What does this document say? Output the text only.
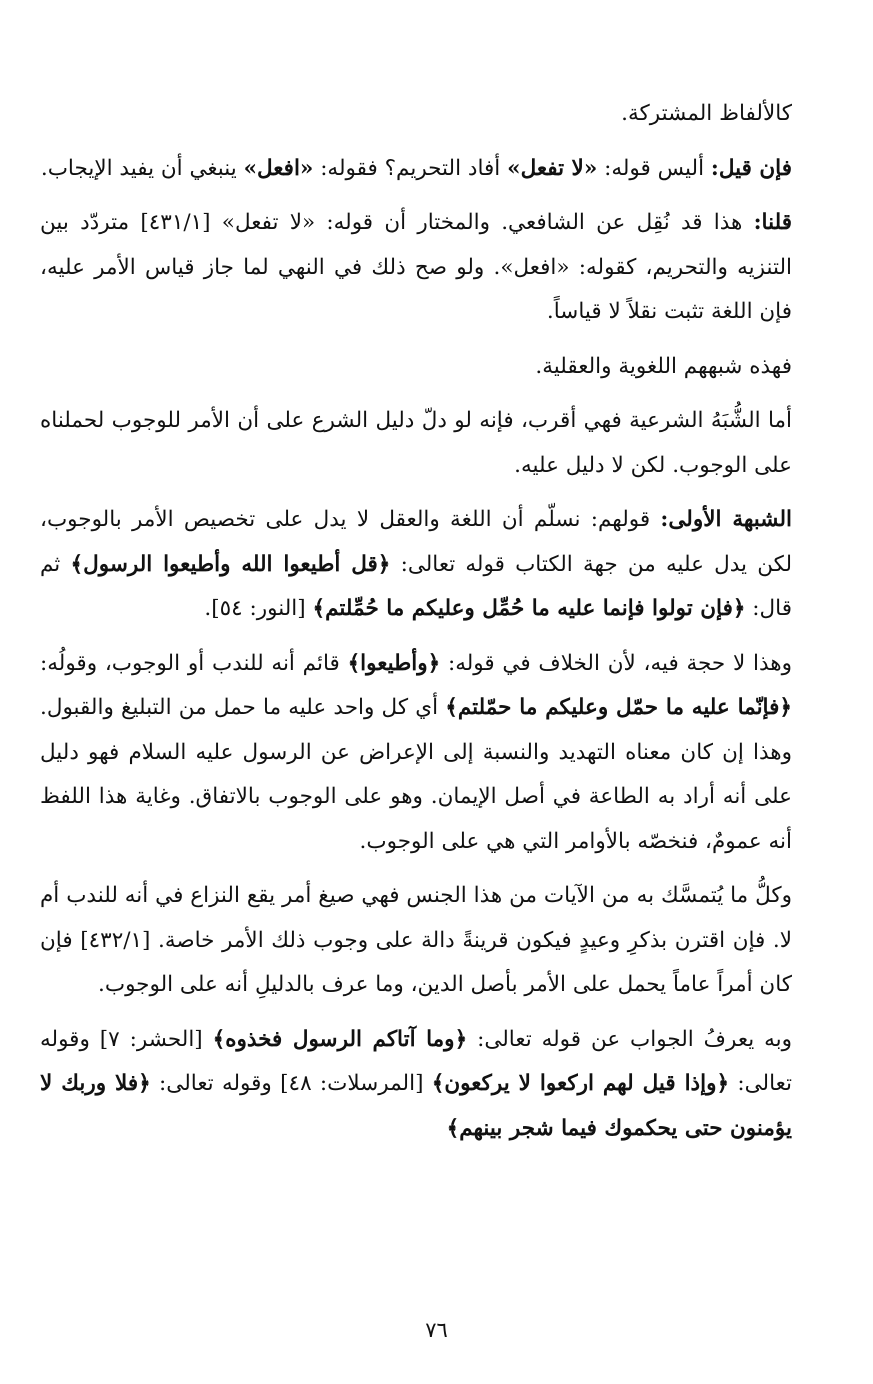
كالألفاظ المشتركة.

فإن قيل: أليس قوله: «لا تفعل» أفاد التحريم؟ فقوله: «افعل» ينبغي أن يفيد الإيجاب.

قلنا: هذا قد نُقِل عن الشافعي. والمختار أن قوله: «لا تفعل» [٤٣١/١] متردّد بين التنزيه والتحريم، كقوله: «افعل». ولو صح ذلك في النهي لما جاز قياس الأمر عليه، فإن اللغة تثبت نقلاً لا قياساً.

فهذه شبههم اللغوية والعقلية.

أما الشُّبَهُ الشرعية فهي أقرب، فإنه لو دلّ دليل الشرع على أن الأمر للوجوب لحملناه على الوجوب. لكن لا دليل عليه.

الشبهة الأولى: قولهم: نسلّم أن اللغة والعقل لا يدل على تخصيص الأمر بالوجوب، لكن يدل عليه من جهة الكتاب قوله تعالى: ﴿قل أطيعوا الله وأطيعوا الرسول﴾ ثم قال: ﴿فإن تولوا فإنما عليه ما حُمِّل وعليكم ما حُمِّلتم﴾ [النور: ٥٤].

وهذا لا حجة فيه، لأن الخلاف في قوله: ﴿وأطيعوا﴾ قائم أنه للندب أو الوجوب، وقولُه: ﴿فإنّما عليه ما حمّل وعليكم ما حمّلتم﴾ أي كل واحد عليه ما حمل من التبليغ والقبول. وهذا إن كان معناه التهديد والنسبة إلى الإعراض عن الرسول عليه السلام فهو دليل على أنه أراد به الطاعة في أصل الإيمان. وهو على الوجوب بالاتفاق. وغاية هذا اللفظ أنه عمومٌ، فنخصّه بالأوامر التي هي على الوجوب.

وكلُّ ما يُتمسَّك به من الآيات من هذا الجنس فهي صيغ أمر يقع النزاع في أنه للندب أم لا. فإن اقترن بذكرِ وعيدٍ فيكون قرينةً دالة على وجوب ذلك الأمر خاصة. [٤٣٢/١] فإن كان أمراً عاماً يحمل على الأمر بأصل الدين، وما عرف بالدليلِ أنه على الوجوب.

وبه يعرفُ الجواب عن قوله تعالى: ﴿وما آتاكم الرسول فخذوه﴾ [الحشر: ٧] وقوله تعالى: ﴿وإذا قيل لهم اركعوا لا يركعون﴾ [المرسلات: ٤٨] وقوله تعالى: ﴿فلا وربك لا يؤمنون حتى يحكموك فيما شجر بينهم﴾

٧٦
